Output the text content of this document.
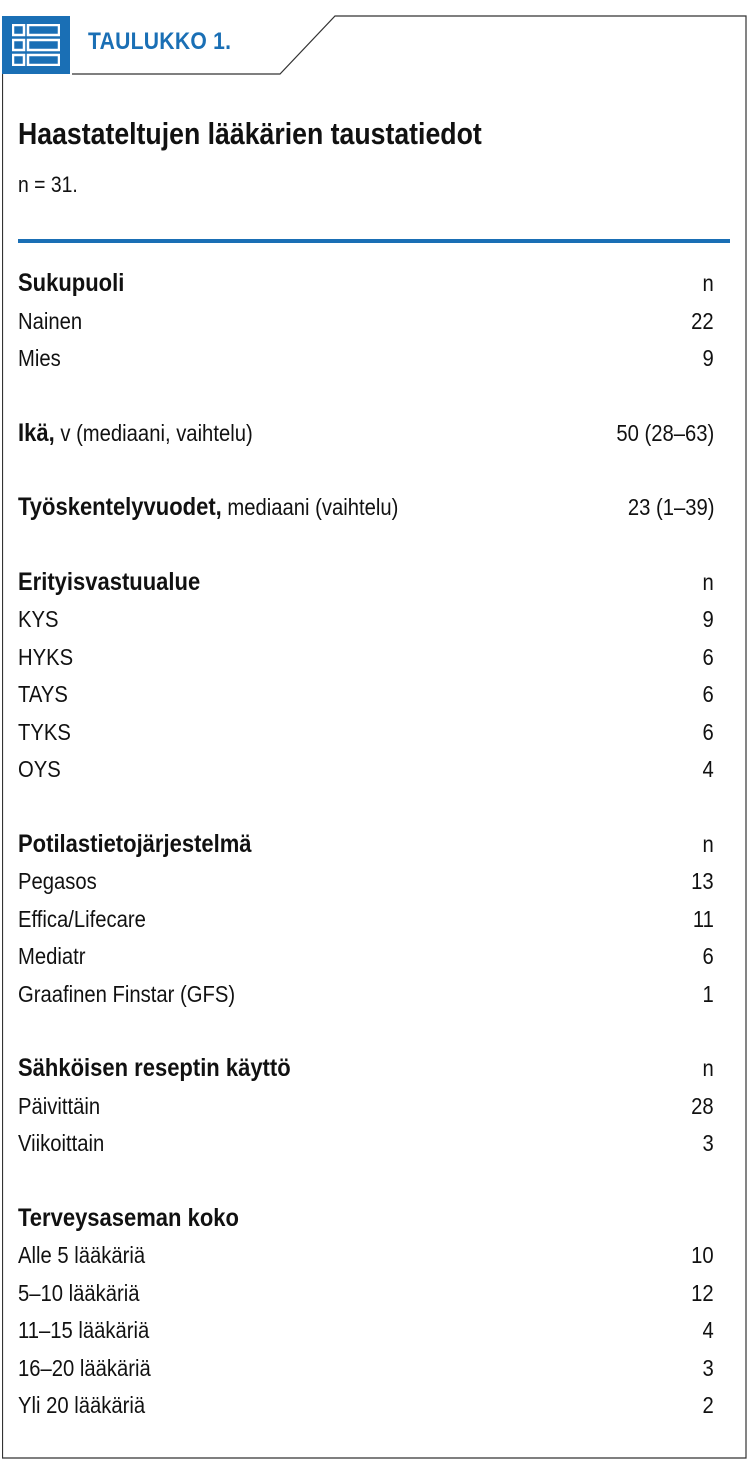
TAULUKKO 1.
Haastateltujen lääkärien taustatiedot
n = 31.
Sukupuoli	n
Nainen	22
Mies	9
Ikä, v (mediaani, vaihtelu)	50 (28–63)
Työskentelyvuodet, mediaani (vaihtelu)	23 (1–39)
Erityisvastuualue	n
KYS	9
HYKS	6
TAYS	6
TYKS	6
OYS	4
Potilastietojärjestelmä	n
Pegasos	13
Effica/Lifecare	11
Mediatr	6
Graafinen Finstar (GFS)	1
Sähköisen reseptin käyttö	n
Päivittäin	28
Viikoittain	3
Terveysaseman koko
Alle 5 lääkäriä	10
5–10 lääkäriä	12
11–15 lääkäriä	4
16–20 lääkäriä	3
Yli 20 lääkäriä	2
